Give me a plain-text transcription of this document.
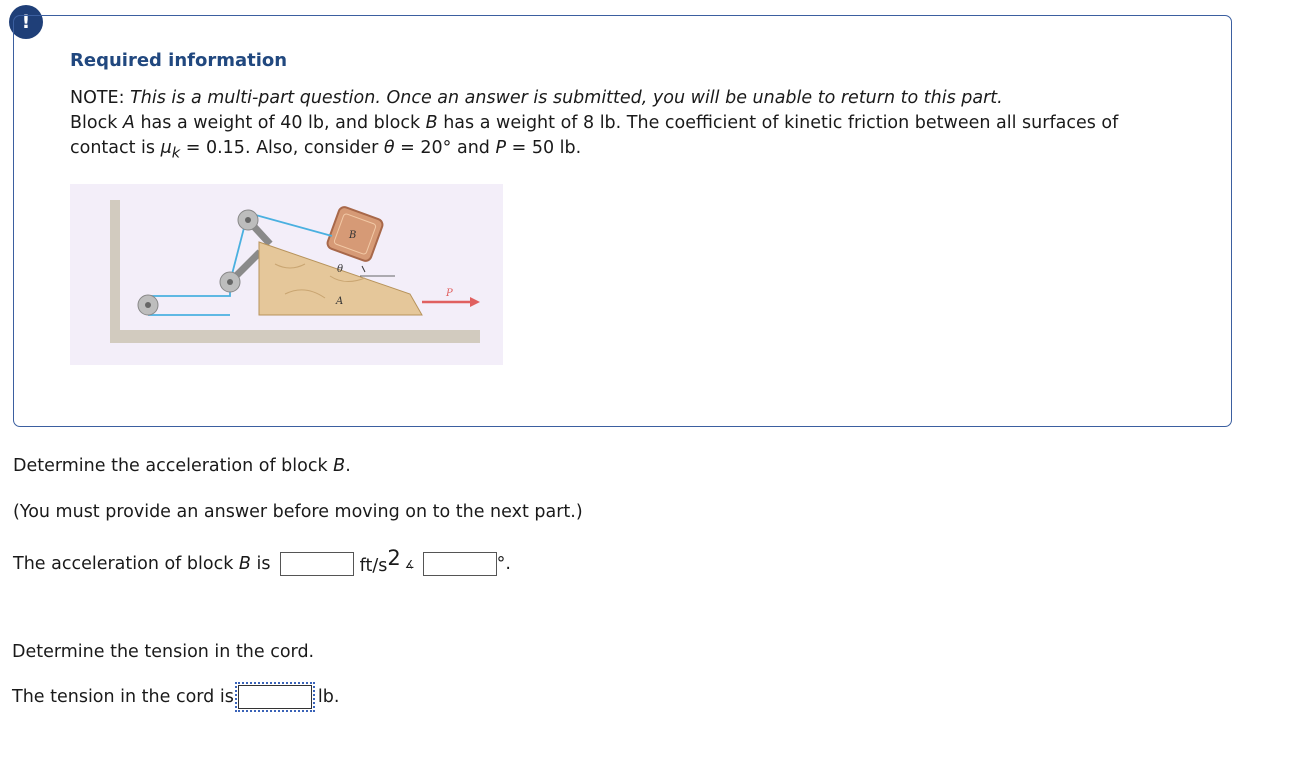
!
Required information

NOTE: This is a multi-part question. Once an answer is submitted, you will be unable to return to this part.

Block A has a weight of 40 lb, and block B has a weight of 8 lb. The coefficient of kinetic friction between all surfaces of contact is $\mu_k = 0.15$. Also, consider θ = 20° and P = 50 lb.

B
θ
A
P

Determine the acceleration of block B.

(You must provide an answer before moving on to the next part.)

The acceleration of block B is	ft/s2 ∡	°.

Determine the tension in the cord.

The tension in the cord is	lb.
